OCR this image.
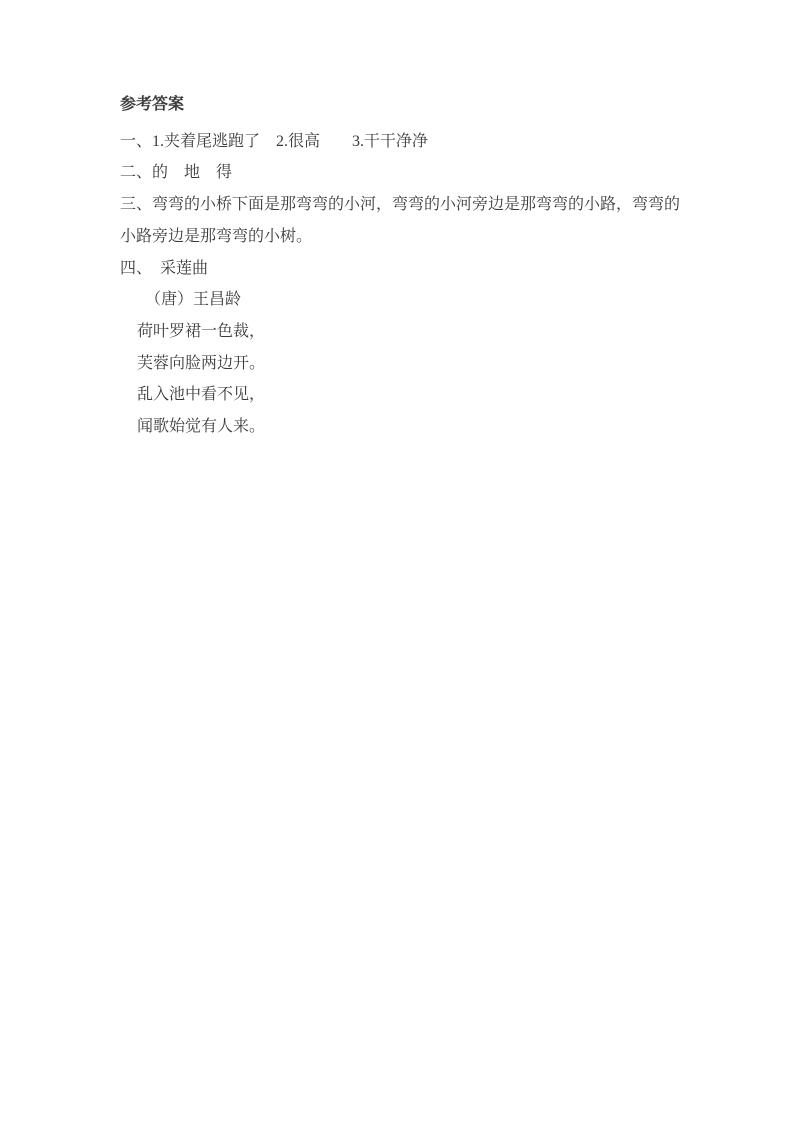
参考答案

一、1.夹着尾逃跑了　2.很高　　3.干干净净

二、的　地　得

三、弯弯的小桥下面是那弯弯的小河，弯弯的小河旁边是那弯弯的小路，弯弯的小路旁边是那弯弯的小树。

四、　采莲曲

（唐）王昌龄

荷叶罗裙一色裁，

芙蓉向脸两边开。

乱入池中看不见，

闻歌始觉有人来。
